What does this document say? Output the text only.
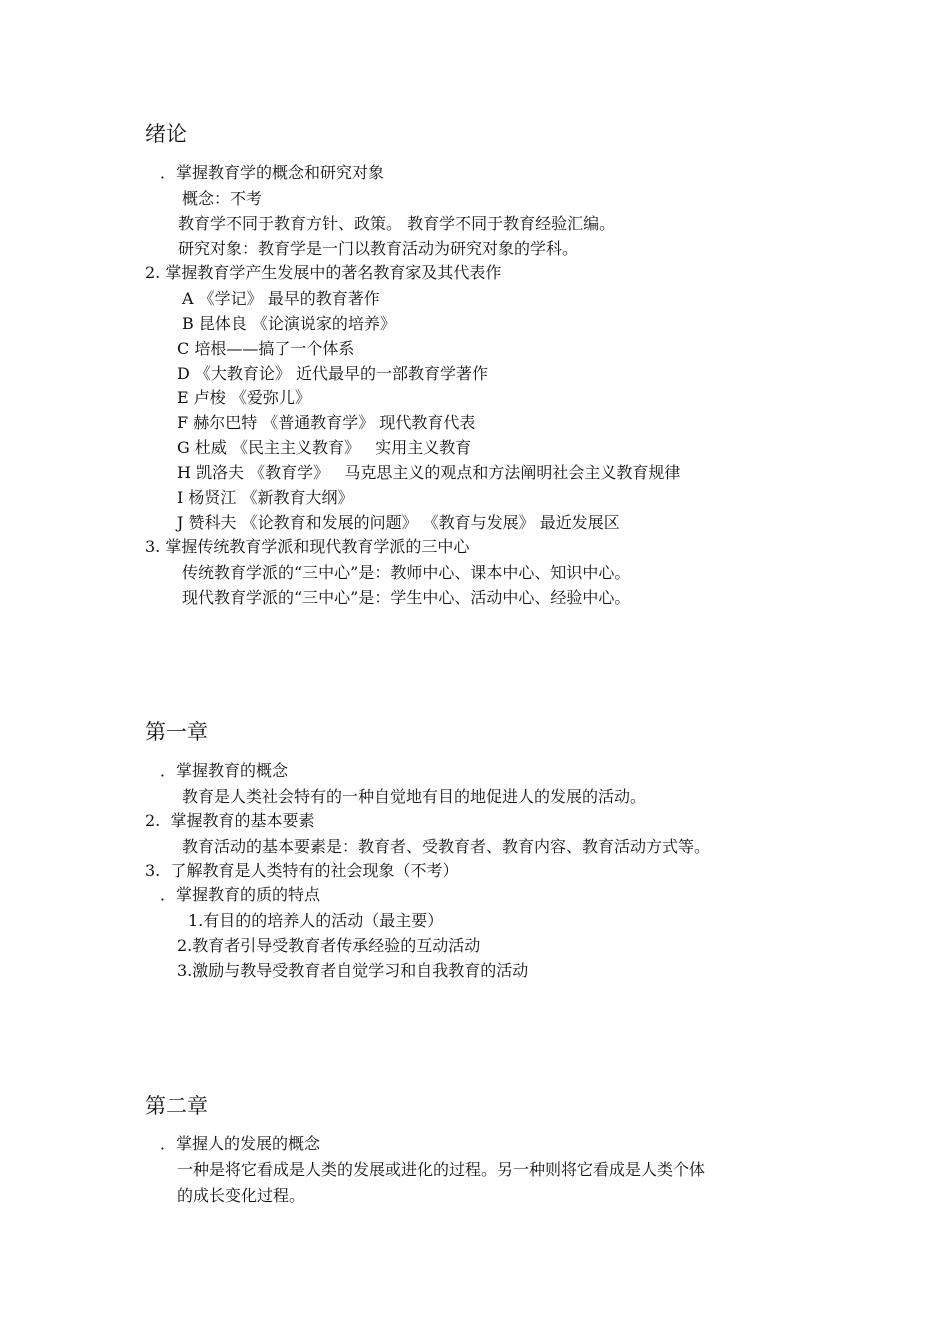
绪论
．掌握教育学的概念和研究对象
概念：不考
教育学不同于教育方针、政策。 教育学不同于教育经验汇编。
研究对象：教育学是一门以教育活动为研究对象的学科。
2. 掌握教育学产生发展中的著名教育家及其代表作
A 《学记》 最早的教育著作
B 昆体良 《论演说家的培养》
C 培根——搞了一个体系
D 《大教育论》 近代最早的一部教育学著作
E 卢梭 《爱弥儿》
F 赫尔巴特 《普通教育学》 现代教育代表
G 杜威 《民主主义教育》   实用主义教育
H 凯洛夫 《教育学》   马克思主义的观点和方法阐明社会主义教育规律
I 杨贤江 《新教育大纲》
J 赞科夫 《论教育和发展的问题》 《教育与发展》 最近发展区
3. 掌握传统教育学派和现代教育学派的三中心
传统教育学派的“三中心”是：教师中心、课本中心、知识中心。
现代教育学派的“三中心”是：学生中心、活动中心、经验中心。
第一章
．掌握教育的概念
教育是人类社会特有的一种自觉地有目的地促进人的发展的活动。
2.  掌握教育的基本要素
教育活动的基本要素是：教育者、受教育者、教育内容、教育活动方式等。
3.  了解教育是人类特有的社会现象（不考）
．掌握教育的质的特点
1.有目的的培养人的活动（最主要）
2.教育者引导受教育者传承经验的互动活动
3.激励与教导受教育者自觉学习和自我教育的活动
第二章
．掌握人的发展的概念
一种是将它看成是人类的发展或进化的过程。另一种则将它看成是人类个体
的成长变化过程。
